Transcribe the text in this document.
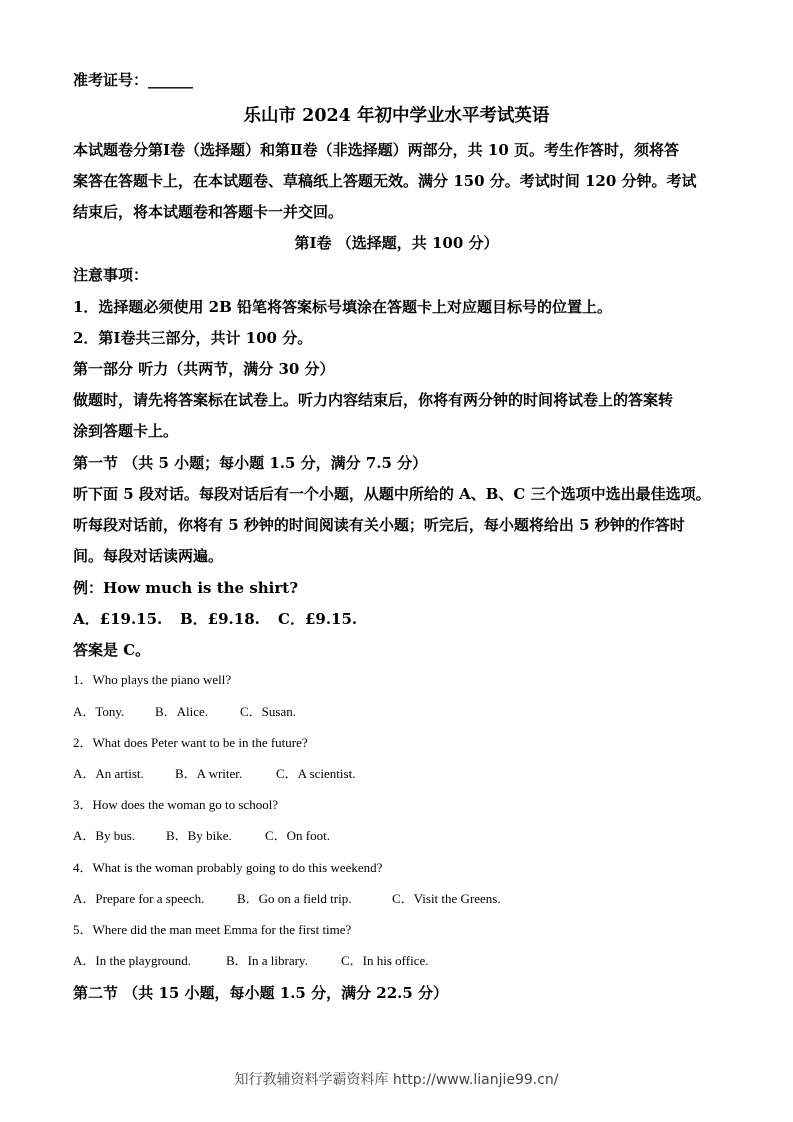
准考证号：______
乐山市 2024 年初中学业水平考试英语
本试题卷分第Ⅰ卷（选择题）和第Ⅱ卷（非选择题）两部分，共 10 页。考生作答时，须将答
案答在答题卡上，在本试题卷、草稿纸上答题无效。满分 150 分。考试时间 120 分钟。考试
结束后，将本试题卷和答题卡一并交回。
第Ⅰ卷 （选择题，共 100 分）
注意事项：
1．选择题必须使用 2B 铅笔将答案标号填涂在答题卡上对应题目标号的位置上。
2．第Ⅰ卷共三部分，共计 100 分。
第一部分 听力（共两节，满分 30 分）
做题时，请先将答案标在试卷上。听力内容结束后，你将有两分钟的时间将试卷上的答案转
涂到答题卡上。
第一节 （共 5 小题；每小题 1.5 分，满分 7.5 分）
听下面 5 段对话。每段对话后有一个小题，从题中所给的 A、B、C 三个选项中选出最佳选项。
听每段对话前，你将有 5 秒钟的时间阅读有关小题；听完后，每小题将给出 5 秒钟的作答时
间。每段对话读两遍。
例：How much is the shirt?
A．£19.15. B．£9.18. C．£9.15.
答案是 C。
1．Who plays the piano well?
A．Tony. B．Alice. C．Susan.
2．What does Peter want to be in the future?
A．An artist. B．A writer.	C．A scientist.
3．How does the woman go to school?
A．By bus. B．By bike.	C．On foot.
4．What is the woman probably going to do this weekend?
A．Prepare for a speech.	B．Go on a field trip.	C．Visit the Greens.
5．Where did the man meet Emma for the first time?
A．In the playground.	B．In a library.	C．In his office.
第二节 （共 15 小题，每小题 1.5 分，满分 22.5 分）
知行教辅资料学霸资料库 http://www.lianjie99.cn/
